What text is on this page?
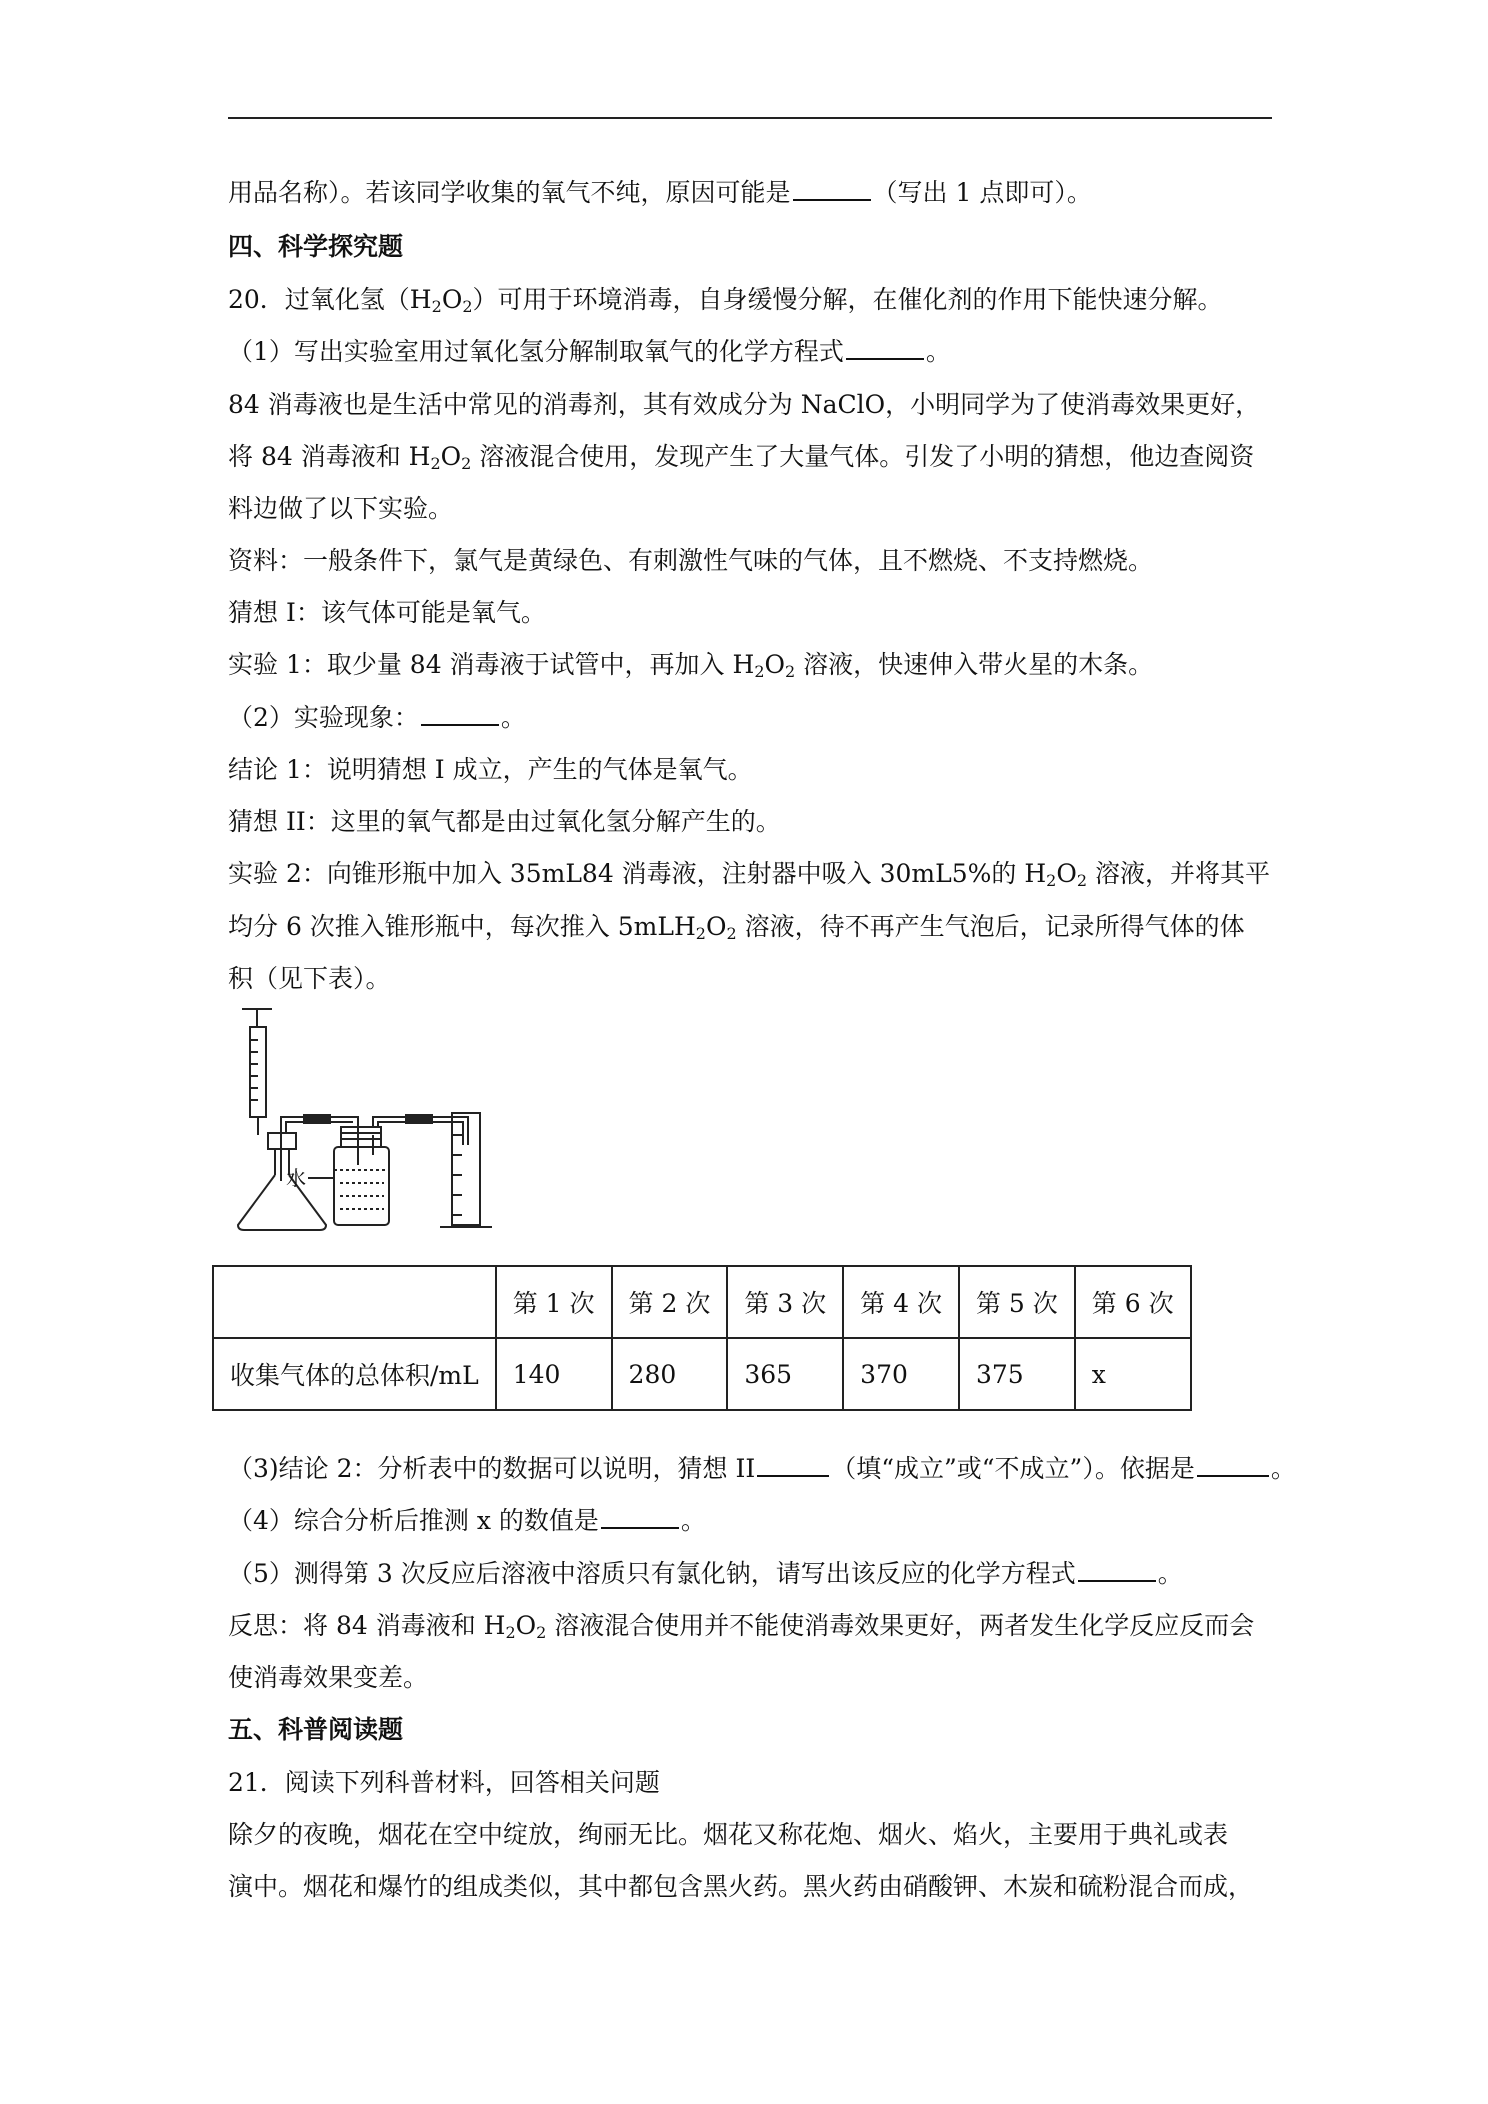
用品名称）。若该同学收集的氧气不纯，原因可能是	（写出 1 点即可）。
四、科学探究题
20．过氧化氢$(H_2O_2)$可用于环境消毒，自身缓慢分解，在催化剂的作用下能快速分解。
（1）写出实验室用过氧化氢分解制取氧气的化学方程式	。
84 消毒液也是生活中常见的消毒剂，其有效成分为 NaClO，小明同学为了使消毒效果更好，
将 84 消毒液和 $H_2O_2$ 溶液混合使用，发现产生了大量气体。引发了小明的猜想，他边查阅资
料边做了以下实验。
资料：一般条件下，氯气是黄绿色、有刺激性气味的气体，且不燃烧、不支持燃烧。
猜想 I：该气体可能是氧气。
实验 1：取少量 84 消毒液于试管中，再加入 $H_2O_2$ 溶液，快速伸入带火星的木条。
（2）实验现象：	。
结论 1：说明猜想 I 成立，产生的气体是氧气。
猜想 II：这里的氧气都是由过氧化氢分解产生的。
实验 2：向锥形瓶中加入 35mL84 消毒液，注射器中吸入 30mL5%的 $H_2O_2$ 溶液，并将其平
均分 6 次推入锥形瓶中，每次推入 $5mLH_2O_2$ 溶液，待不再产生气泡后，记录所得气体的体
积（见下表）。
水
	第 1 次	第 2 次	第 3 次	第 4 次	第 5 次	第 6 次
收集气体的总体积/mL	140	280	365	370	375	x
（3)结论 2：分析表中的数据可以说明，猜想 II	（填“成立”或“不成立”）。依据是	。
（4）综合分析后推测 x 的数值是	。
（5）测得第 3 次反应后溶液中溶质只有氯化钠，请写出该反应的化学方程式	。
反思：将 84 消毒液和 $H_2O_2$ 溶液混合使用并不能使消毒效果更好，两者发生化学反应反而会
使消毒效果变差。
五、科普阅读题
21．阅读下列科普材料，回答相关问题
除夕的夜晚，烟花在空中绽放，绚丽无比。烟花又称花炮、烟火、焰火，主要用于典礼或表
演中。烟花和爆竹的组成类似，其中都包含黑火药。黑火药由硝酸钾、木炭和硫粉混合而成，
